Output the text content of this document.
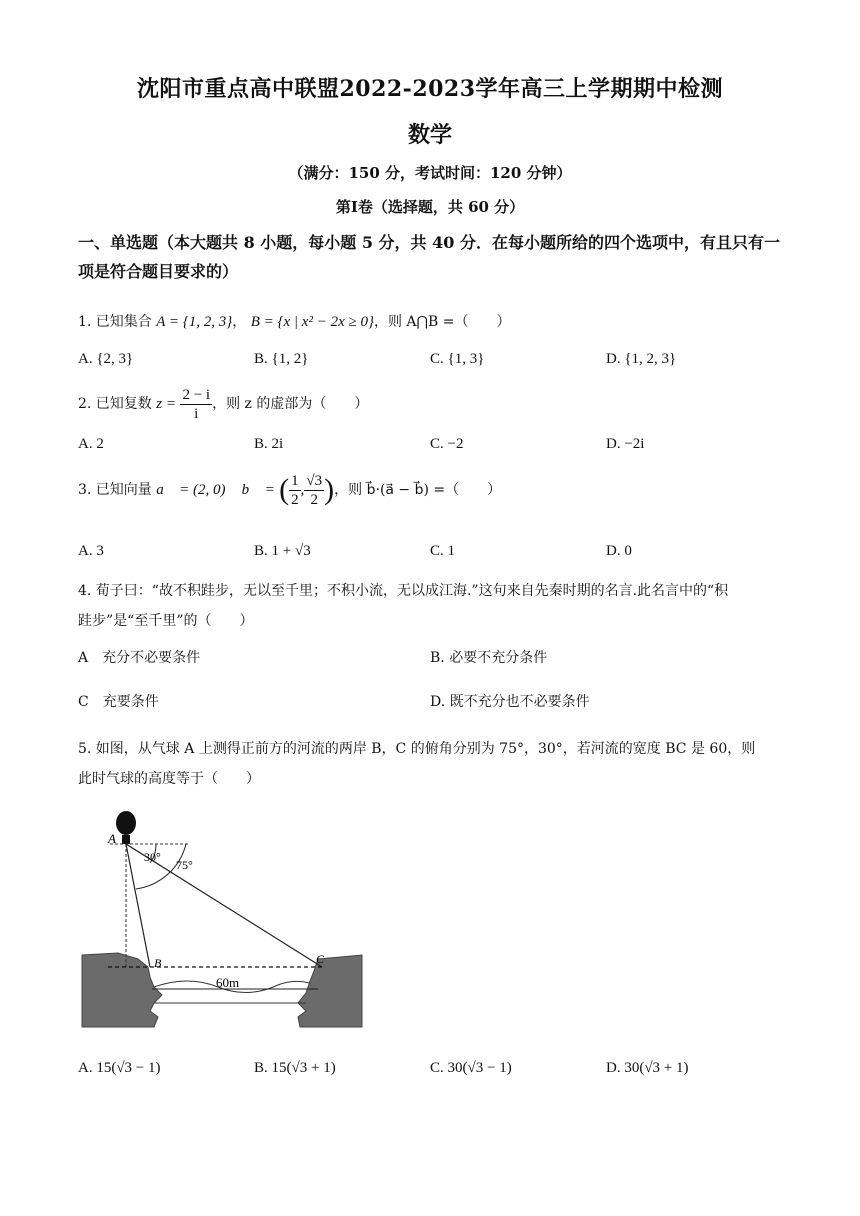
沈阳市重点高中联盟2022-2023学年高三上学期期中检测
数学
（满分：150 分，考试时间：120 分钟）
第Ⅰ卷（选择题，共 60 分）
一、单选题（本大题共 8 小题，每小题 5 分，共 40 分．在每小题所给的四个选项中，有且只有一项是符合题目要求的）
1. 已知集合 A = {1, 2, 3}， B = {x | x² − 2x ≥ 0}，则 A⋂B =（　　）
A. {2, 3}	B. {1, 2}	C. {1, 3}	D. {1, 2, 3}
2. 已知复数 $z = \frac{2 - i}{i}$ ，则 z 的虚部为（　　）
A. 2	B. 2i	C. −2	D. −2i
3. 已知向量 a⃗ = (2, 0)， b⃗ = ( $\frac{1}{2}$ , $\frac{√3}{2}$ )，则 b⃗·(a⃗ − b⃗) =（　　）
A. 3	B. 1 + √3	C. 1	D. 0
4. 荀子曰：“故不积跬步，无以至千里；不积小流，无以成江海.”这句来自先秦时期的名言.此名言中的“积
跬步”是“至千里”的（　　）
A　充分不必要条件	B. 必要不充分条件
C　充要条件	D. 既不充分也不必要条件
5. 如图，从气球 A 上测得正前方的河流的两岸 B，C 的俯角分别为 75°，30°，若河流的宽度 BC 是 60，则
此时气球的高度等于（　　）
A
B	C
30°
75°
60m
A. 15(√3 − 1)	B. 15(√3 + 1)	C. 30(√3 − 1)	D. 30(√3 + 1)
